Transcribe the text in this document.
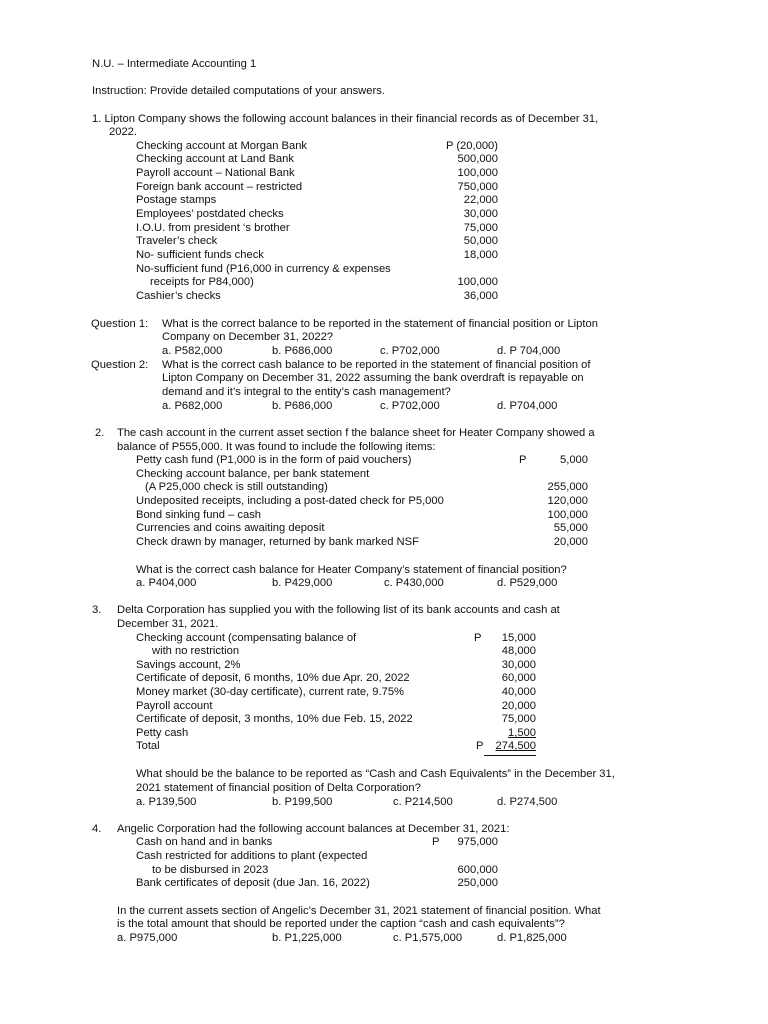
N.U. – Intermediate Accounting 1
Instruction: Provide detailed computations of your answers.
1. Lipton Company shows the following account balances in their financial records as of December 31,
2022.
Checking account at Morgan Bank	P (20,000)
Checking account at Land Bank	500,000
Payroll account – National Bank	100,000
Foreign bank account – restricted	750,000
Postage stamps	22,000
Employees’ postdated checks	30,000
I.O.U. from president ‘s brother	75,000
Traveler’s check	50,000
No- sufficient funds check	18,000
No-sufficient fund (P16,000 in currency & expenses
receipts for P84,000)	100,000
Cashier’s checks	36,000
Question 1: What is the correct balance to be reported in the statement of financial position or Lipton
Company on December 31, 2022?
a. P582,000	b. P686,000	c. P702,000	d. P 704,000
Question 2: What is the correct cash balance to be reported in the statement of financial position of
Lipton Company on December 31, 2022 assuming the bank overdraft is repayable on
demand and it’s integral to the entity’s cash management?
a. P682,000	b. P686,000	c. P702,000	d. P704,000
2. The cash account in the current asset section f the balance sheet for Heater Company showed a
balance of P555,000. It was found to include the following items:
Petty cash fund (P1,000 is in the form of paid vouchers)	P	5,000
Checking account balance, per bank statement
(A P25,000 check is still outstanding)	255,000
Undeposited receipts, including a post-dated check for P5,000	120,000
Bond sinking fund – cash	100,000
Currencies and coins awaiting deposit	55,000
Check drawn by manager, returned by bank marked NSF	20,000
What is the correct cash balance for Heater Company’s statement of financial position?
a. P404,000	b. P429,000	c. P430,000	d. P529,000
3. Delta Corporation has supplied you with the following list of its bank accounts and cash at
December 31, 2021.
Checking account (compensating balance of	P	15,000
with no restriction	48,000
Savings account, 2%	30,000
Certificate of deposit, 6 months, 10% due Apr. 20, 2022	60,000
Money market (30-day certificate), current rate, 9.75%	40,000
Payroll account	20,000
Certificate of deposit, 3 months, 10% due Feb. 15, 2022	75,000
Petty cash	1,500
Total	P	274,500
What should be the balance to be reported as “Cash and Cash Equivalents” in the December 31,
2021 statement of financial position of Delta Corporation?
a. P139,500	b. P199,500	c. P214,500	d. P274,500
4. Angelic Corporation had the following account balances at December 31, 2021:
Cash on hand and in banks	P	975,000
Cash restricted for additions to plant (expected
to be disbursed in 2023	600,000
Bank certificates of deposit (due Jan. 16, 2022)	250,000
In the current assets section of Angelic’s December 31, 2021 statement of financial position. What
is the total amount that should be reported under the caption “cash and cash equivalents”?
a. P975,000	b. P1,225,000	c. P1,575,000	d. P1,825,000
